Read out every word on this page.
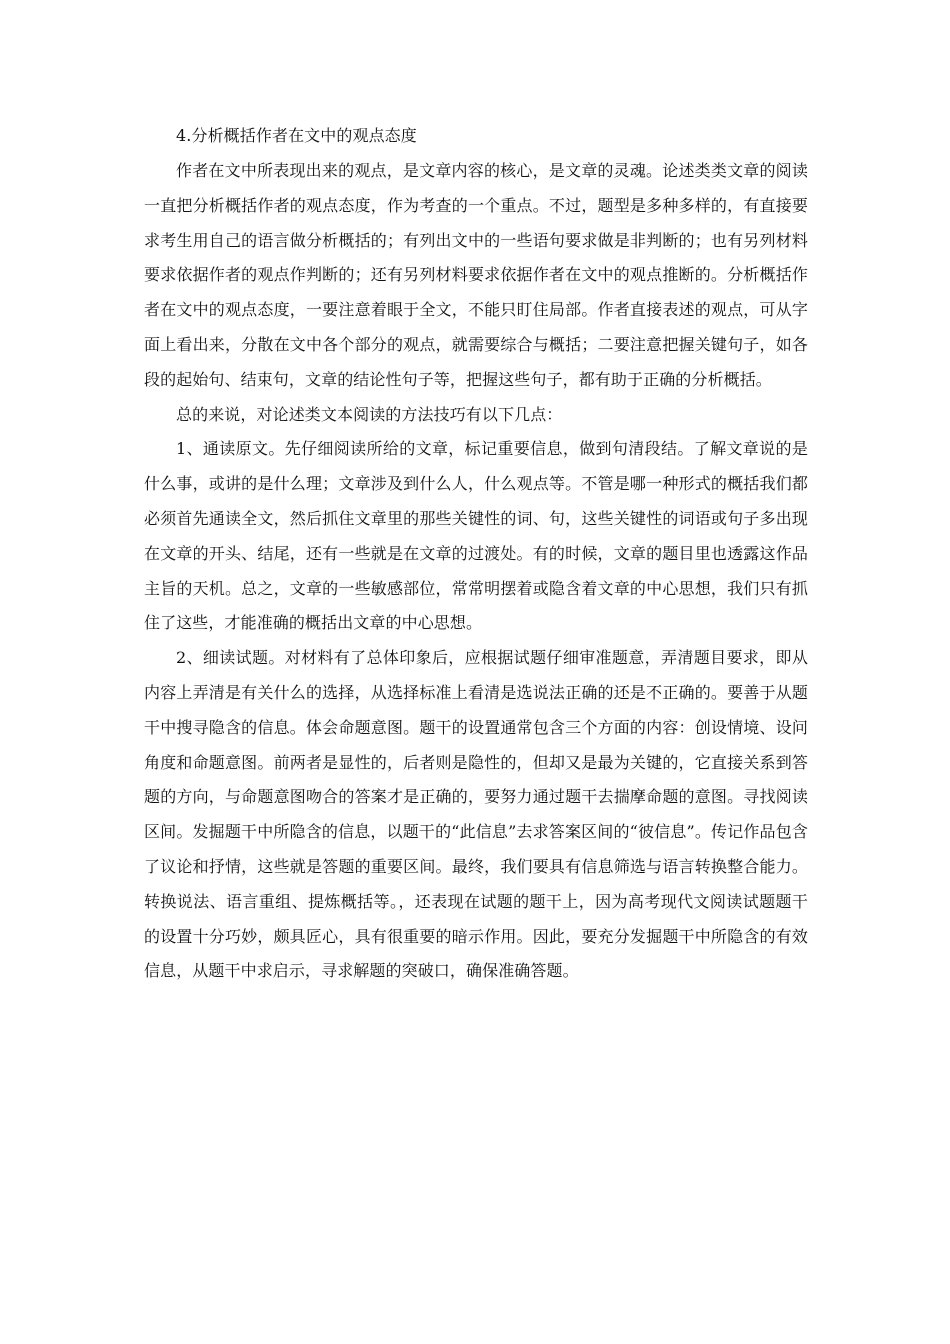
4.分析概括作者在文中的观点态度

作者在文中所表现出来的观点，是文章内容的核心，是文章的灵魂。论述类类文章的阅读一直把分析概括作者的观点态度，作为考查的一个重点。不过，题型是多种多样的，有直接要求考生用自己的语言做分析概括的；有列出文中的一些语句要求做是非判断的；也有另列材料要求依据作者的观点作判断的；还有另列材料要求依据作者在文中的观点推断的。分析概括作者在文中的观点态度，一要注意着眼于全文，不能只盯住局部。作者直接表述的观点，可从字面上看出来，分散在文中各个部分的观点，就需要综合与概括；二要注意把握关键句子，如各段的起始句、结束句，文章的结论性句子等，把握这些句子，都有助于正确的分析概括。

总的来说，对论述类文本阅读的方法技巧有以下几点：

1、通读原文。先仔细阅读所给的文章，标记重要信息，做到句清段结。了解文章说的是什么事，或讲的是什么理；文章涉及到什么人，什么观点等。不管是哪一种形式的概括我们都必须首先通读全文，然后抓住文章里的那些关键性的词、句，这些关键性的词语或句子多出现在文章的开头、结尾，还有一些就是在文章的过渡处。有的时候，文章的题目里也透露这作品主旨的天机。总之，文章的一些敏感部位，常常明摆着或隐含着文章的中心思想，我们只有抓住了这些，才能准确的概括出文章的中心思想。

2、细读试题。对材料有了总体印象后，应根据试题仔细审准题意，弄清题目要求，即从内容上弄清是有关什么的选择，从选择标准上看清是选说法正确的还是不正确的。要善于从题干中搜寻隐含的信息。体会命题意图。题干的设置通常包含三个方面的内容：创设情境、设问角度和命题意图。前两者是显性的，后者则是隐性的，但却又是最为关键的，它直接关系到答题的方向，与命题意图吻合的答案才是正确的，要努力通过题干去揣摩命题的意图。寻找阅读区间。发掘题干中所隐含的信息，以题干的“此信息”去求答案区间的“彼信息”。传记作品包含了议论和抒情，这些就是答题的重要区间。最终，我们要具有信息筛选与语言转换整合能力。转换说法、语言重组、提炼概括等。，还表现在试题的题干上，因为高考现代文阅读试题题干的设置十分巧妙，颇具匠心，具有很重要的暗示作用。因此，要充分发掘题干中所隐含的有效信息，从题干中求启示，寻求解题的突破口，确保准确答题。
